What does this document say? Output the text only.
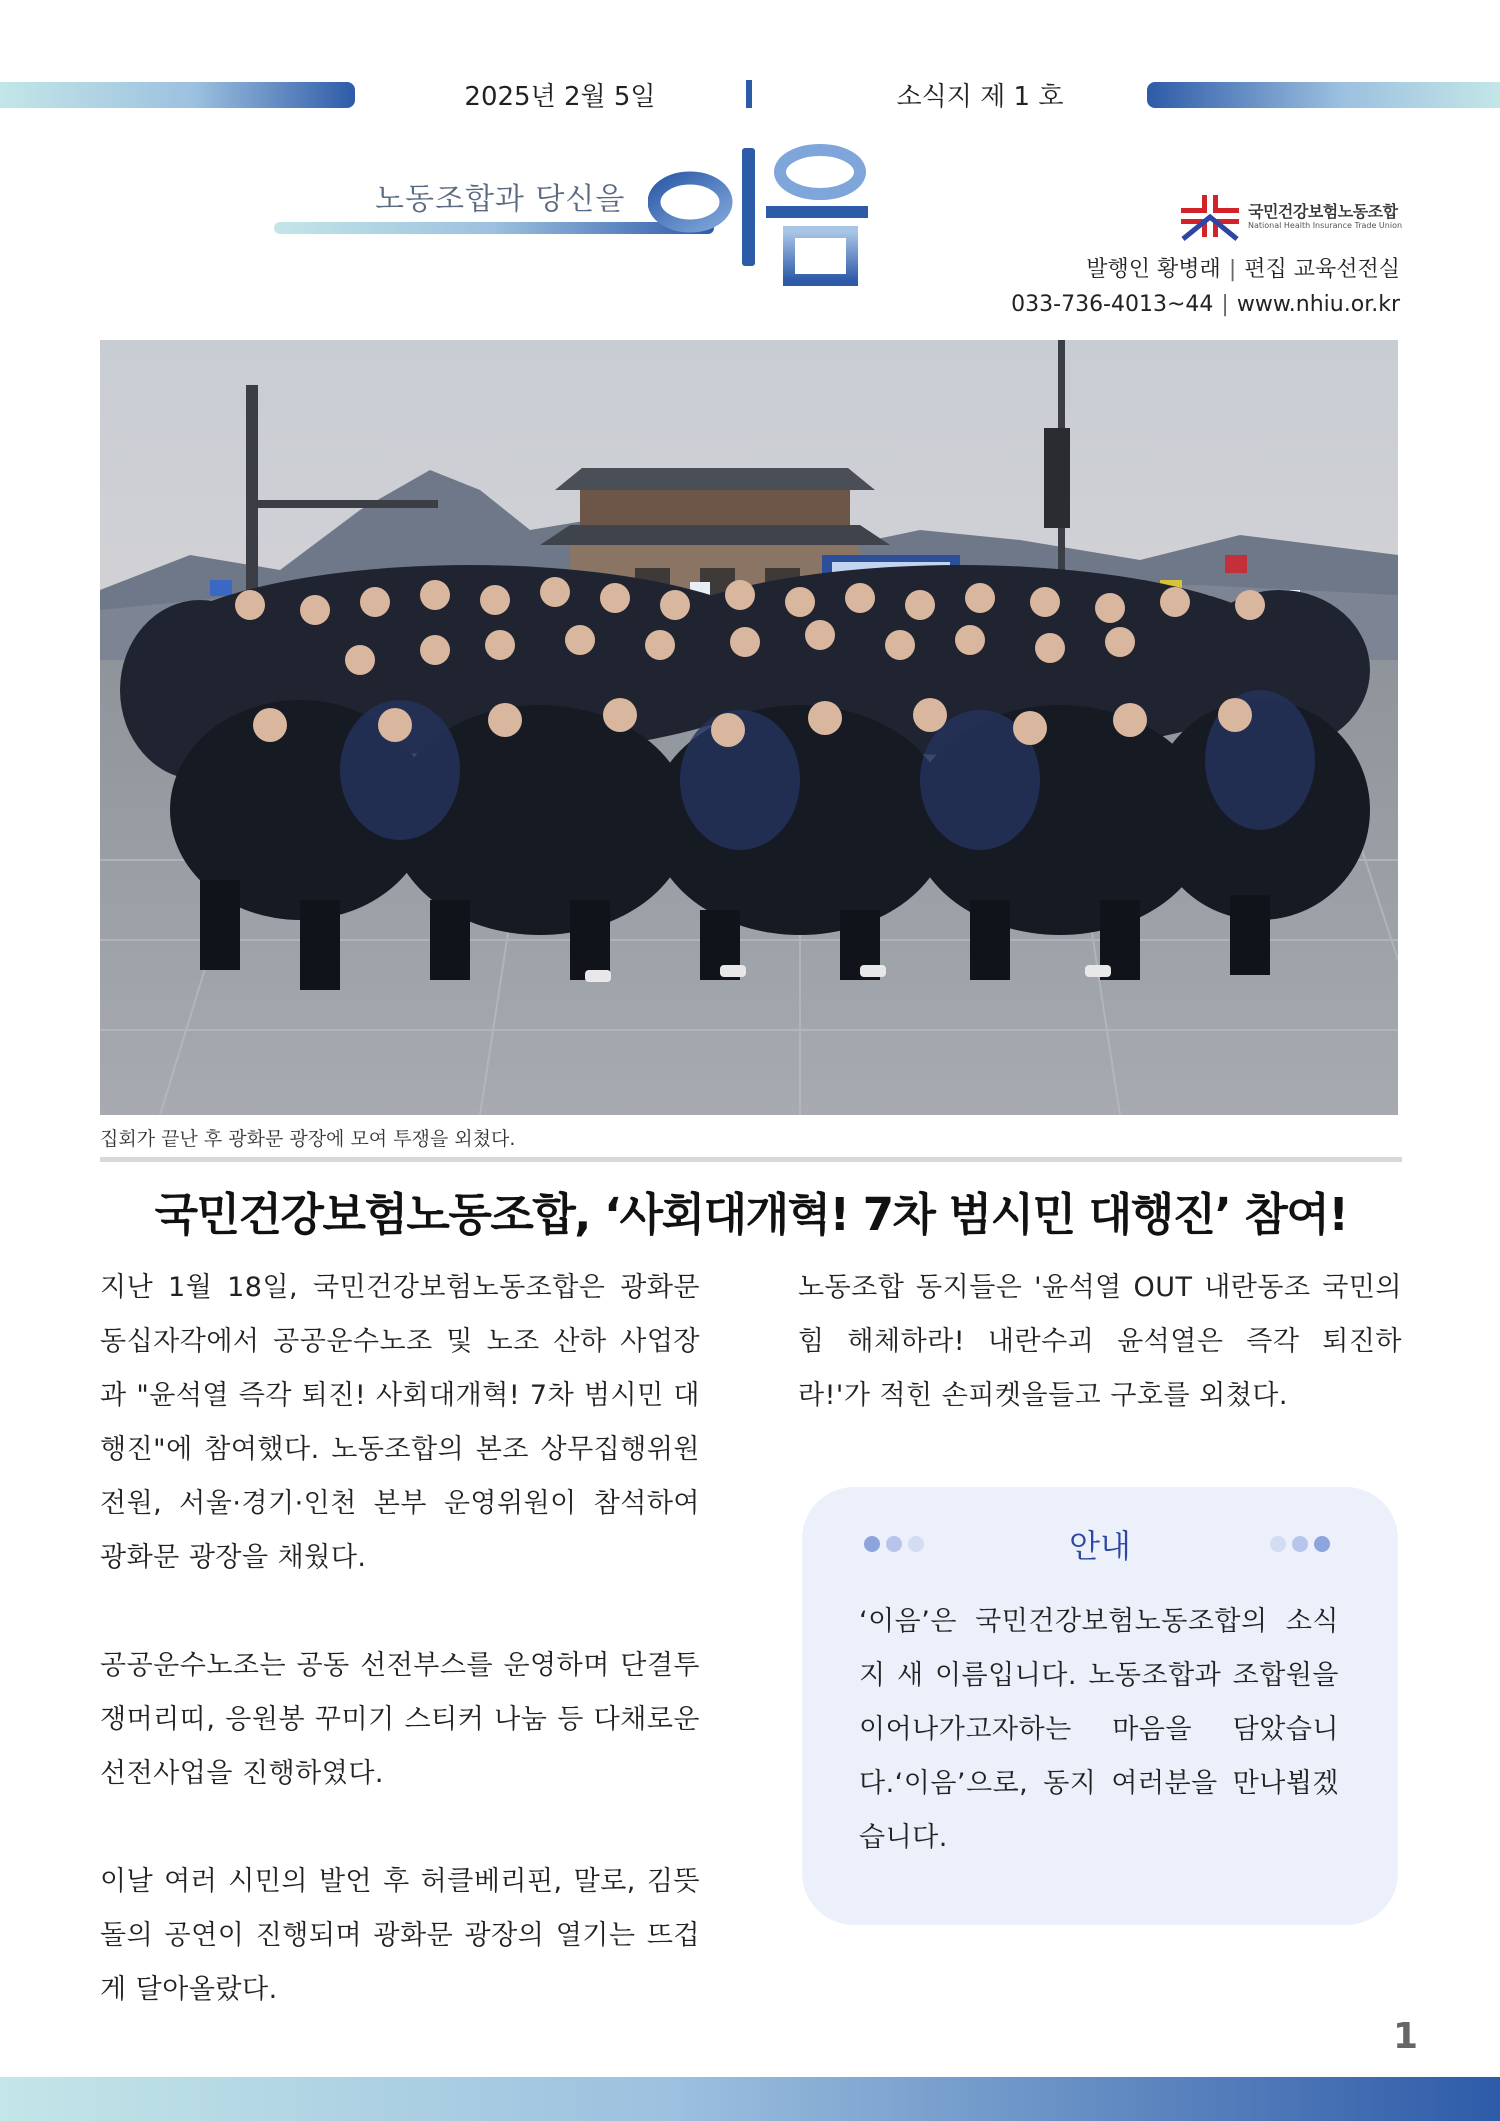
2025년 2월 5일	소식지 제 1 호
노동조합과 당신을	국민건강보험노동조합
National Health Insurance Trade Union
발행인 황병래 | 편집 교육선전실
033-736-4013~44 | www.nhiu.or.kr
집회가 끝난 후 광화문 광장에 모여 투쟁을 외쳤다.
국민건강보험노동조합, ‘사회대개혁! 7차 범시민 대행진’ 참여!

지난 1월 18일, 국민건강보험노동조합은 광화문 동십자각에서 공공운수노조 및 노조 산하 사업장과 "윤석열 즉각 퇴진! 사회대개혁! 7차 범시민 대행진"에 참여했다. 노동조합의 본조 상무집행위원 전원, 서울·경기·인천 본부 운영위원이 참석하여 광화문 광장을 채웠다.

공공운수노조는 공동 선전부스를 운영하며 단결투쟁머리띠, 응원봉 꾸미기 스티커 나눔 등 다채로운 선전사업을 진행하였다.

이날 여러 시민의 발언 후 허클베리핀, 말로, 김뜻돌의 공연이 진행되며 광화문 광장의 열기는 뜨겁게 달아올랐다.

노동조합 동지들은 '윤석열 OUT 내란동조 국민의힘 해체하라! 내란수괴 윤석열은 즉각 퇴진하라!'가 적힌 손피켓을들고 구호를 외쳤다.

안내
‘이음’은 국민건강보험노동조합의 소식지 새 이름입니다. 노동조합과 조합원을 이어나가고자하는 마음을 담았습니다.‘이음’으로, 동지 여러분을 만나뵙겠습니다.
1
